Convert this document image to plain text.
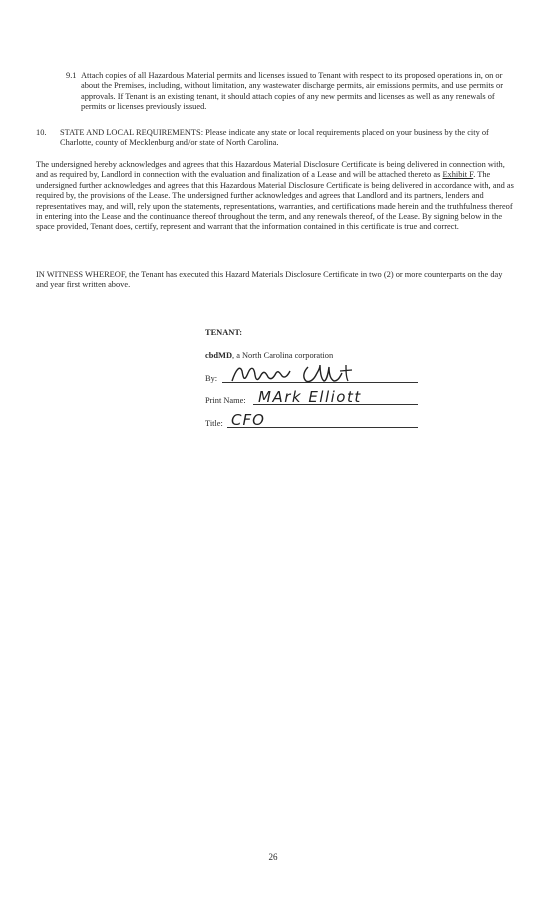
9.1 Attach copies of all Hazardous Material permits and licenses issued to Tenant with respect to its proposed operations in, on or about the Premises, including, without limitation, any wastewater discharge permits, air emissions permits, and use permits or approvals. If Tenant is an existing tenant, it should attach copies of any new permits and licenses as well as any renewals of permits or licenses previously issued.
10. STATE AND LOCAL REQUIREMENTS: Please indicate any state or local requirements placed on your business by the city of Charlotte, county of Mecklenburg and/or state of North Carolina.
The undersigned hereby acknowledges and agrees that this Hazardous Material Disclosure Certificate is being delivered in connection with, and as required by, Landlord in connection with the evaluation and finalization of a Lease and will be attached thereto as Exhibit F. The undersigned further acknowledges and agrees that this Hazardous Material Disclosure Certificate is being delivered in accordance with, and as required by, the provisions of the Lease. The undersigned further acknowledges and agrees that Landlord and its partners, lenders and representatives may, and will, rely upon the statements, representations, warranties, and certifications made herein and the truthfulness thereof in entering into the Lease and the continuance thereof throughout the term, and any renewals thereof, of the Lease. By signing below in the space provided, Tenant does, certify, represent and warrant that the information contained in this certificate is true and correct.
IN WITNESS WHEREOF, the Tenant has executed this Hazard Materials Disclosure Certificate in two (2) or more counterparts on the day and year first written above.
TENANT:
cbdMD, a North Carolina corporation
By:
Print Name: MArk Elliott
Title: CFO
26
